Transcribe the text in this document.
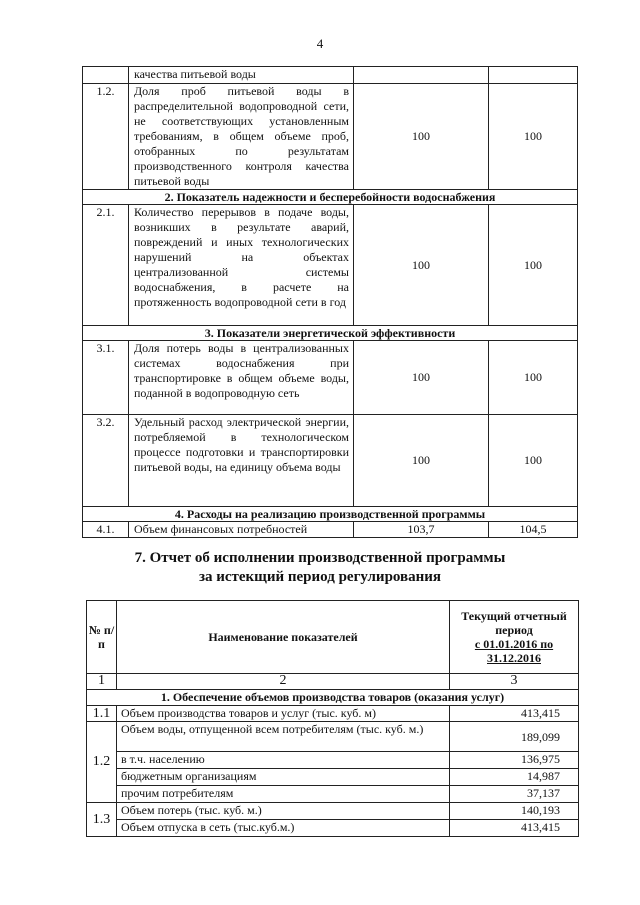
4
	качества питьевой воды		
1.2.	Доля проб питьевой воды в распределительной водопроводной сети, не соответствующих установленным требованиям, в общем объеме проб, отобранных по результатам производственного контроля качества питьевой воды	100	100
2. Показатель надежности и бесперебойности водоснабжения			
2.1.	Количество перерывов в подаче воды, возникших в результате аварий, повреждений и иных технологических нарушений на объектах централизованной системы водоснабжения, в расчете на протяженность водопроводной сети в год	100	100
3. Показатели энергетической эффективности			
3.1.	Доля потерь воды в централизованных системах водоснабжения при транспортировке в общем объеме воды, поданной в водопроводную сеть	100	100
3.2.	Удельный расход электрической энергии, потребляемой в технологическом процессе подготовки и транспортировки питьевой воды, на единицу объема воды	100	100
4. Расходы на реализацию производственной программы			
4.1.	Объем финансовых потребностей	103,7	104,5
7. Отчет об исполнении производственной программы
за истекщий период регулирования
№ п/п	Наименование показателей	Текущий отчетный период
с 01.01.2016 по 31.12.2016

1	2	3
1. Обеспечение объемов производства товаров (оказания услуг)		
1.1	Объем производства товаров и услуг (тыс. куб. м)	413,415
1.2	Объем воды, отпущенной всем потребителям (тыс. куб. м.)	189,099
	в т.ч. населению	136,975
	бюджетным организациям	14,987
	прочим потребителям	37,137
1.3	Объем потерь (тыс. куб. м.)	140,193
	Объем отпуска в сеть (тыс.куб.м.)	413,415
